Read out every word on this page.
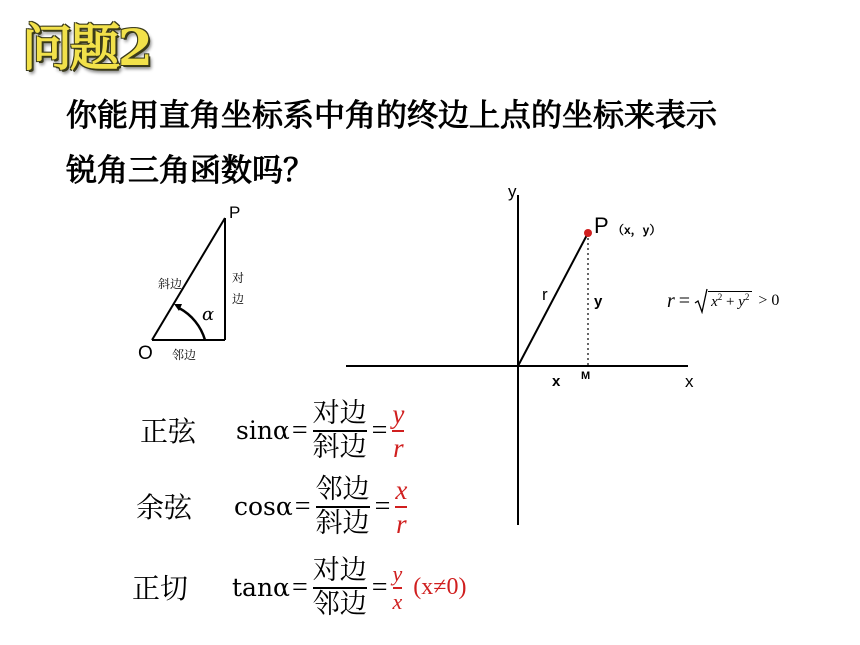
问题2
你能用直角坐标系中角的终边上点的坐标来表示
锐角三角函数吗？
P
O
斜边	对
边
邻边
α
y
x
P （x，y）
r	y
x M
$r = x^2 + y^2 > 0$
正弦 $\sin\alpha = \frac{\text{对边}}{\text{斜边}} = \frac{y}{r}$
余弦 $\cos\alpha = \frac{\text{邻边}}{\text{斜边}} = \frac{x}{r}$
正切 $\tan\alpha = \frac{\text{对边}}{\text{邻边}} = \frac{y}{x} (x\ne 0)$
